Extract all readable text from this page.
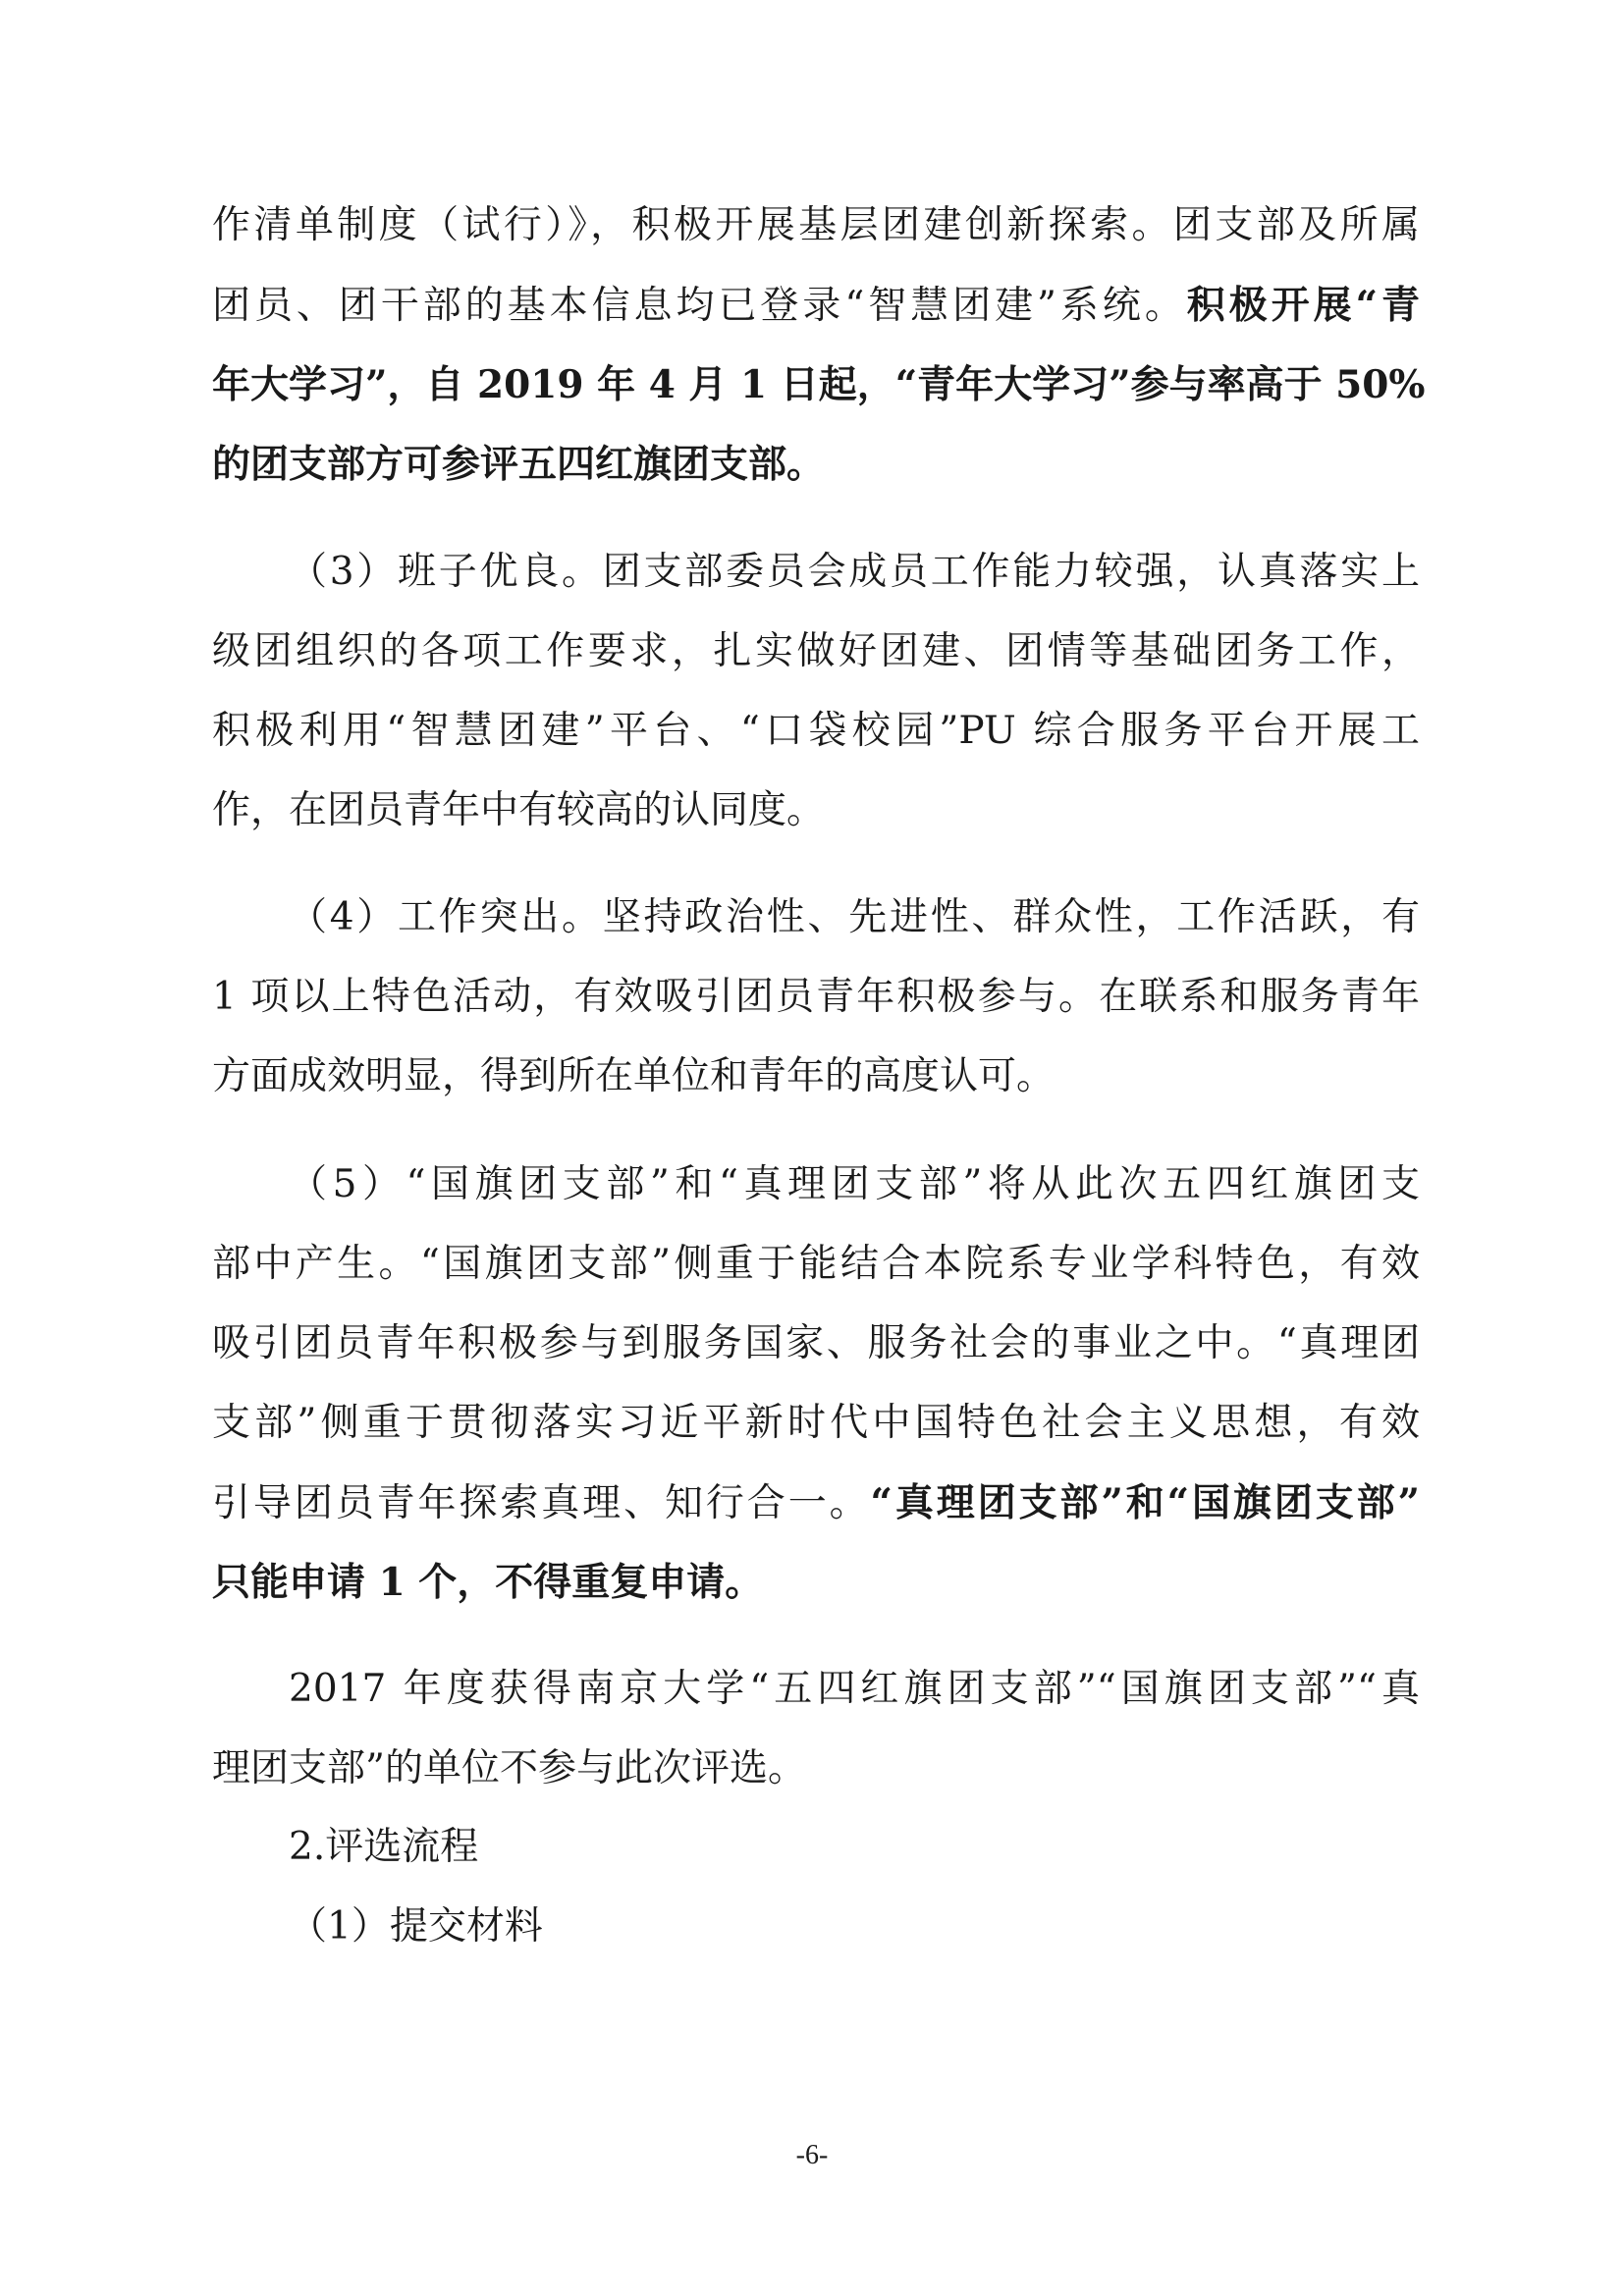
作清单制度（试行）》，积极开展基层团建创新探索。团支部及所属
团员、团干部的基本信息均已登录“智慧团建”系统。积极开展“青
年大学习”，自 2019 年 4 月 1 日起，“青年大学习”参与率高于 50%
的团支部方可参评五四红旗团支部。
（3）班子优良。团支部委员会成员工作能力较强，认真落实上
级团组织的各项工作要求，扎实做好团建、团情等基础团务工作，
积极利用“智慧团建”平台、“口袋校园”PU 综合服务平台开展工
作，在团员青年中有较高的认同度。
（4）工作突出。坚持政治性、先进性、群众性，工作活跃，有
1 项以上特色活动，有效吸引团员青年积极参与。在联系和服务青年
方面成效明显，得到所在单位和青年的高度认可。
（5）“国旗团支部”和“真理团支部”将从此次五四红旗团支
部中产生。“国旗团支部”侧重于能结合本院系专业学科特色，有效
吸引团员青年积极参与到服务国家、服务社会的事业之中。“真理团
支部”侧重于贯彻落实习近平新时代中国特色社会主义思想，有效
引导团员青年探索真理、知行合一。“真理团支部”和“国旗团支部”
只能申请 1 个，不得重复申请。
2017 年度获得南京大学“五四红旗团支部”“国旗团支部”“真
理团支部”的单位不参与此次评选。
2.评选流程
（1）提交材料
-6-
